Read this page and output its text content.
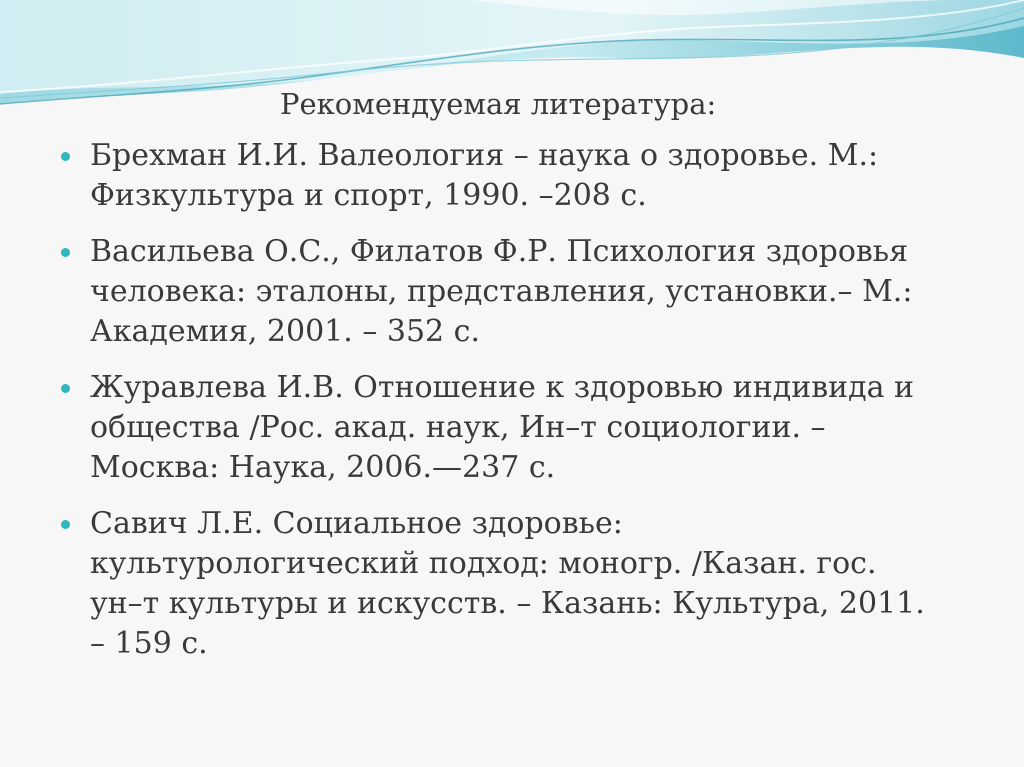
Рекомендуемая литература:
Брехман И.И. Валеология – наука о здоровье. М.:
Физкультура и спорт, 1990. –208 с.
Васильева О.С., Филатов Ф.Р. Психология здоровья
человека: эталоны, представления, установки.– М.:
Академия, 2001. – 352 с.
Журавлева И.В. Отношение к здоровью индивида и
общества /Рос. акад. наук, Ин–т социологии. –
Москва: Наука, 2006.—237 с.
Савич Л.Е. Социальное здоровье:
культурологический подход: моногр. /Казан. гос.
ун–т культуры и искусств. – Казань: Культура, 2011.
– 159 с.
